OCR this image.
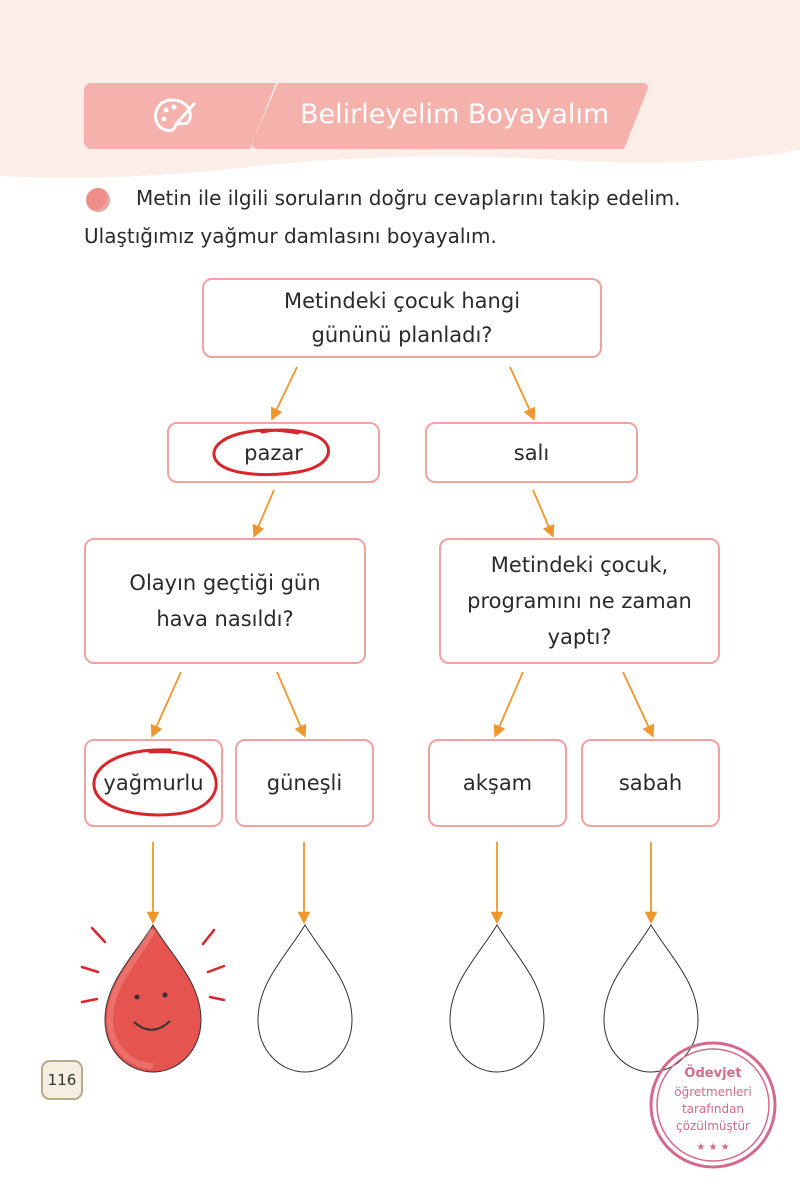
Belirleyelim Boyayalım
Metin ile ilgili soruların doğru cevaplarını takip edelim.
Ulaştığımız yağmur damlasını boyayalım.
Metindeki çocuk hangi
gününü planladı?
pazar	salı
Olayın geçtiği gün
hava nasıldı?
Metindeki çocuk,
programını ne zaman
yaptı?
yağmurlu	güneşli	akşam	sabah
116	Ödevjet
öğretmenleri
tarafından
çözülmüştür
★ ★ ★
